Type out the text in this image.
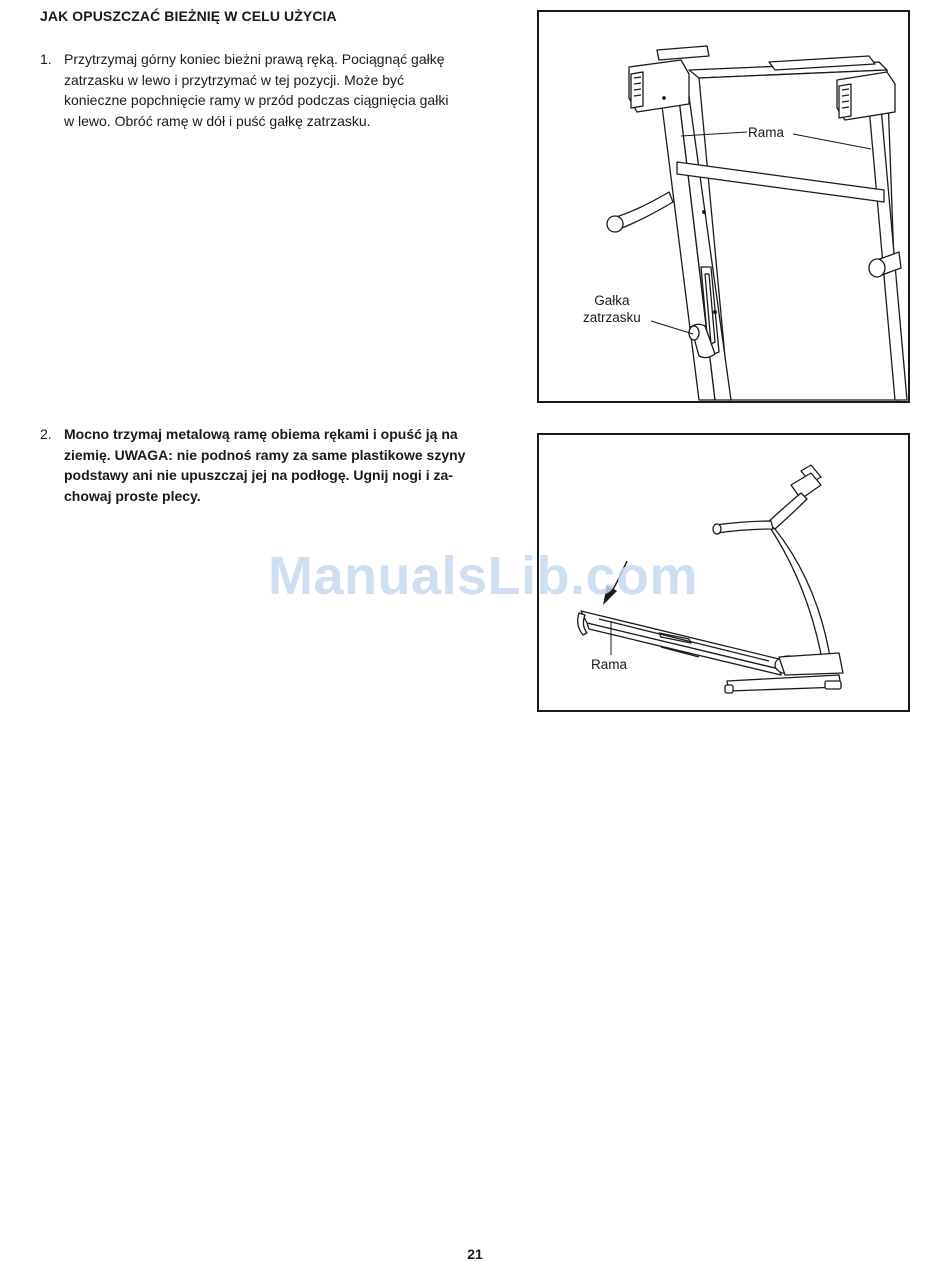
JAK OPUSZCZAĆ BIEŻNIĘ W CELU UŻYCIA
1. Przytrzymaj górny koniec bieżni prawą ręką. Pociągnąć gałkę
zatrzasku w lewo i przytrzymać w tej pozycji. Może być
konieczne popchnięcie ramy w przód podczas ciągnięcia gałki
w lewo. Obróć ramę w dół i puść gałkę zatrzasku.
2. Mocno trzymaj metalową ramę obiema rękami i opuść ją na
ziemię. UWAGA: nie podnoś ramy za same plastikowe szyny
podstawy ani nie upuszczaj jej na podłogę. Ugnij nogi i za-
chowaj proste plecy.
Rama
Gałka
zatrzasku
Rama
ManualsLib.com
21
